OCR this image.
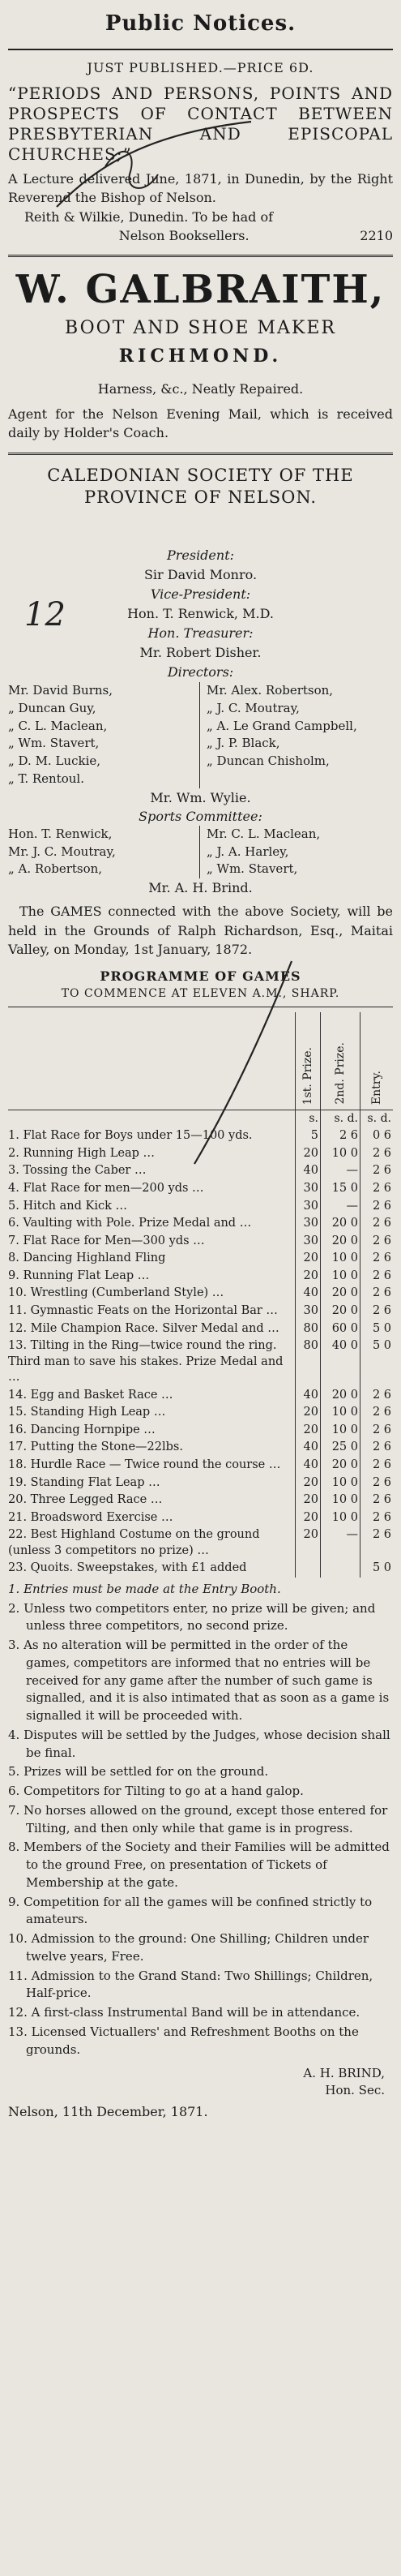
Public Notices.
JUST PUBLISHED.—PRICE 6D.
“PERIODS AND PERSONS, POINTS AND PROSPECTS OF CONTACT BETWEEN PRESBYTERIAN AND EPISCOPAL CHURCHES;”
A Lecture delivered June, 1871, in Dunedin, by the Right Reverend the Bishop of Nelson.
Reith & Wilkie, Dunedin. To be had of
Nelson Booksellers.	2210
W. GALBRAITH,
BOOT AND SHOE MAKER
RICHMOND.
Harness, &c., Neatly Repaired.
Agent for the Nelson Evening Mail, which is received daily by Holder's Coach.
CALEDONIAN SOCIETY OF THE PROVINCE OF NELSON.
President:
Sir David Monro.
Vice-President:
Hon. T. Renwick, M.D.
Hon. Treasurer:
Mr. Robert Disher.
Directors:
Mr. David Burns,
„ Duncan Guy,
„ C. L. Maclean,
„ Wm. Stavert,
„ D. M. Luckie,
„ T. Rentoul.
Mr. Alex. Robertson,
„ J. C. Moutray,
„ A. Le Grand Campbell,
„ J. P. Black,
„ Duncan Chisholm,
Mr. Wm. Wylie.
Sports Committee:
Hon. T. Renwick,
Mr. J. C. Moutray,
„ A. Robertson,
Mr. C. L. Maclean,
„ J. A. Harley,
„ Wm. Stavert,
Mr. A. H. Brind.
The GAMES connected with the above Society, will be held in the Grounds of Ralph Richardson, Esq., Maitai Valley, on Monday, 1st January, 1872.
PROGRAMME OF GAMES
TO COMMENCE AT ELEVEN A.M., SHARP.
	1st. Prize.	2nd. Prize.	Entry.
	s.	s. d.	s. d.
1. Flat Race for Boys under 15—100 yds.	5	2 6	0 6
2. Running High Leap …	20	10 0	2 6
3. Tossing the Caber …	40	—	2 6
4. Flat Race for men—200 yds …	30	15 0	2 6
5. Hitch and Kick …	30	—	2 6
6. Vaulting with Pole. Prize Medal and …	30	20 0	2 6
7. Flat Race for Men—300 yds …	30	20 0	2 6
8. Dancing Highland Fling	20	10 0	2 6
9. Running Flat Leap …	20	10 0	2 6
10. Wrestling (Cumberland Style) …	40	20 0	2 6
11. Gymnastic Feats on the Horizontal Bar …	30	20 0	2 6
12. Mile Champion Race. Silver Medal and …	80	60 0	5 0
13. Tilting in the Ring—twice round the ring. Third man to save his stakes. Prize Medal and …	80	40 0	5 0
14. Egg and Basket Race …	40	20 0	2 6
15. Standing High Leap …	20	10 0	2 6
16. Dancing Hornpipe …	20	10 0	2 6
17. Putting the Stone—22lbs.	40	25 0	2 6
18. Hurdle Race — Twice round the course …	40	20 0	2 6
19. Standing Flat Leap …	20	10 0	2 6
20. Three Legged Race …	20	10 0	2 6
21. Broadsword Exercise …	20	10 0	2 6
22. Best Highland Costume on the ground (unless 3 competitors no prize) …	20	—	2 6
23. Quoits. Sweepstakes, with £1 added			5 0

1. Entries must be made at the Entry Booth.

2. Unless two competitors enter, no prize will be given; and unless three competitors, no second prize.

3. As no alteration will be permitted in the order of the games, competitors are informed that no entries will be received for any game after the number of such game is signalled, and it is also intimated that as soon as a game is signalled it will be proceeded with.

4. Disputes will be settled by the Judges, whose decision shall be final.

5. Prizes will be settled for on the ground.

6. Competitors for Tilting to go at a hand galop.

7. No horses allowed on the ground, except those entered for Tilting, and then only while that game is in progress.

8. Members of the Society and their Families will be admitted to the ground Free, on presentation of Tickets of Membership at the gate.

9. Competition for all the games will be confined strictly to amateurs.

10. Admission to the ground: One Shilling; Children under twelve years, Free.

11. Admission to the Grand Stand: Two Shillings; Children, Half-price.

12. A first-class Instrumental Band will be in attendance.

13. Licensed Victuallers' and Refreshment Booths on the grounds.

A. H. BRIND,
Hon. Sec.
Nelson, 11th December, 1871.
12
